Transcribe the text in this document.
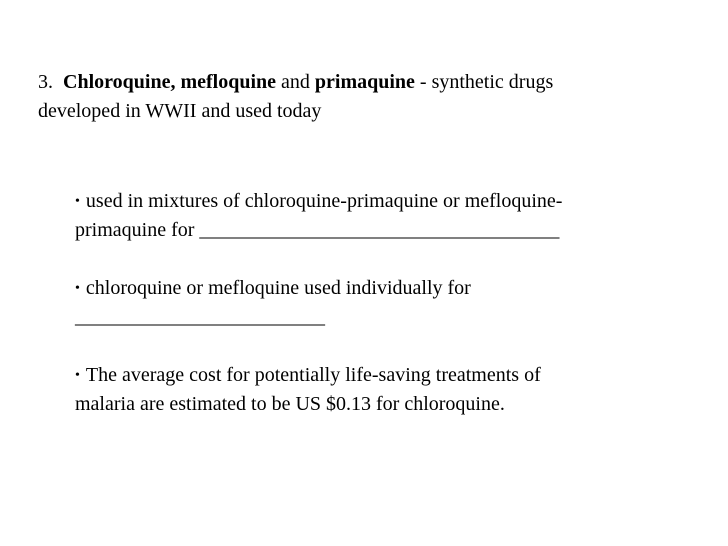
3. Chloroquine, mefloquine and primaquine - synthetic drugs
developed in WWII and used today
• used in mixtures of chloroquine-primaquine or mefloquine-
primaquine for ____________________________________
• chloroquine or mefloquine used individually for
_________________________
• The average cost for potentially life-saving treatments of
malaria are estimated to be US $0.13 for chloroquine.
